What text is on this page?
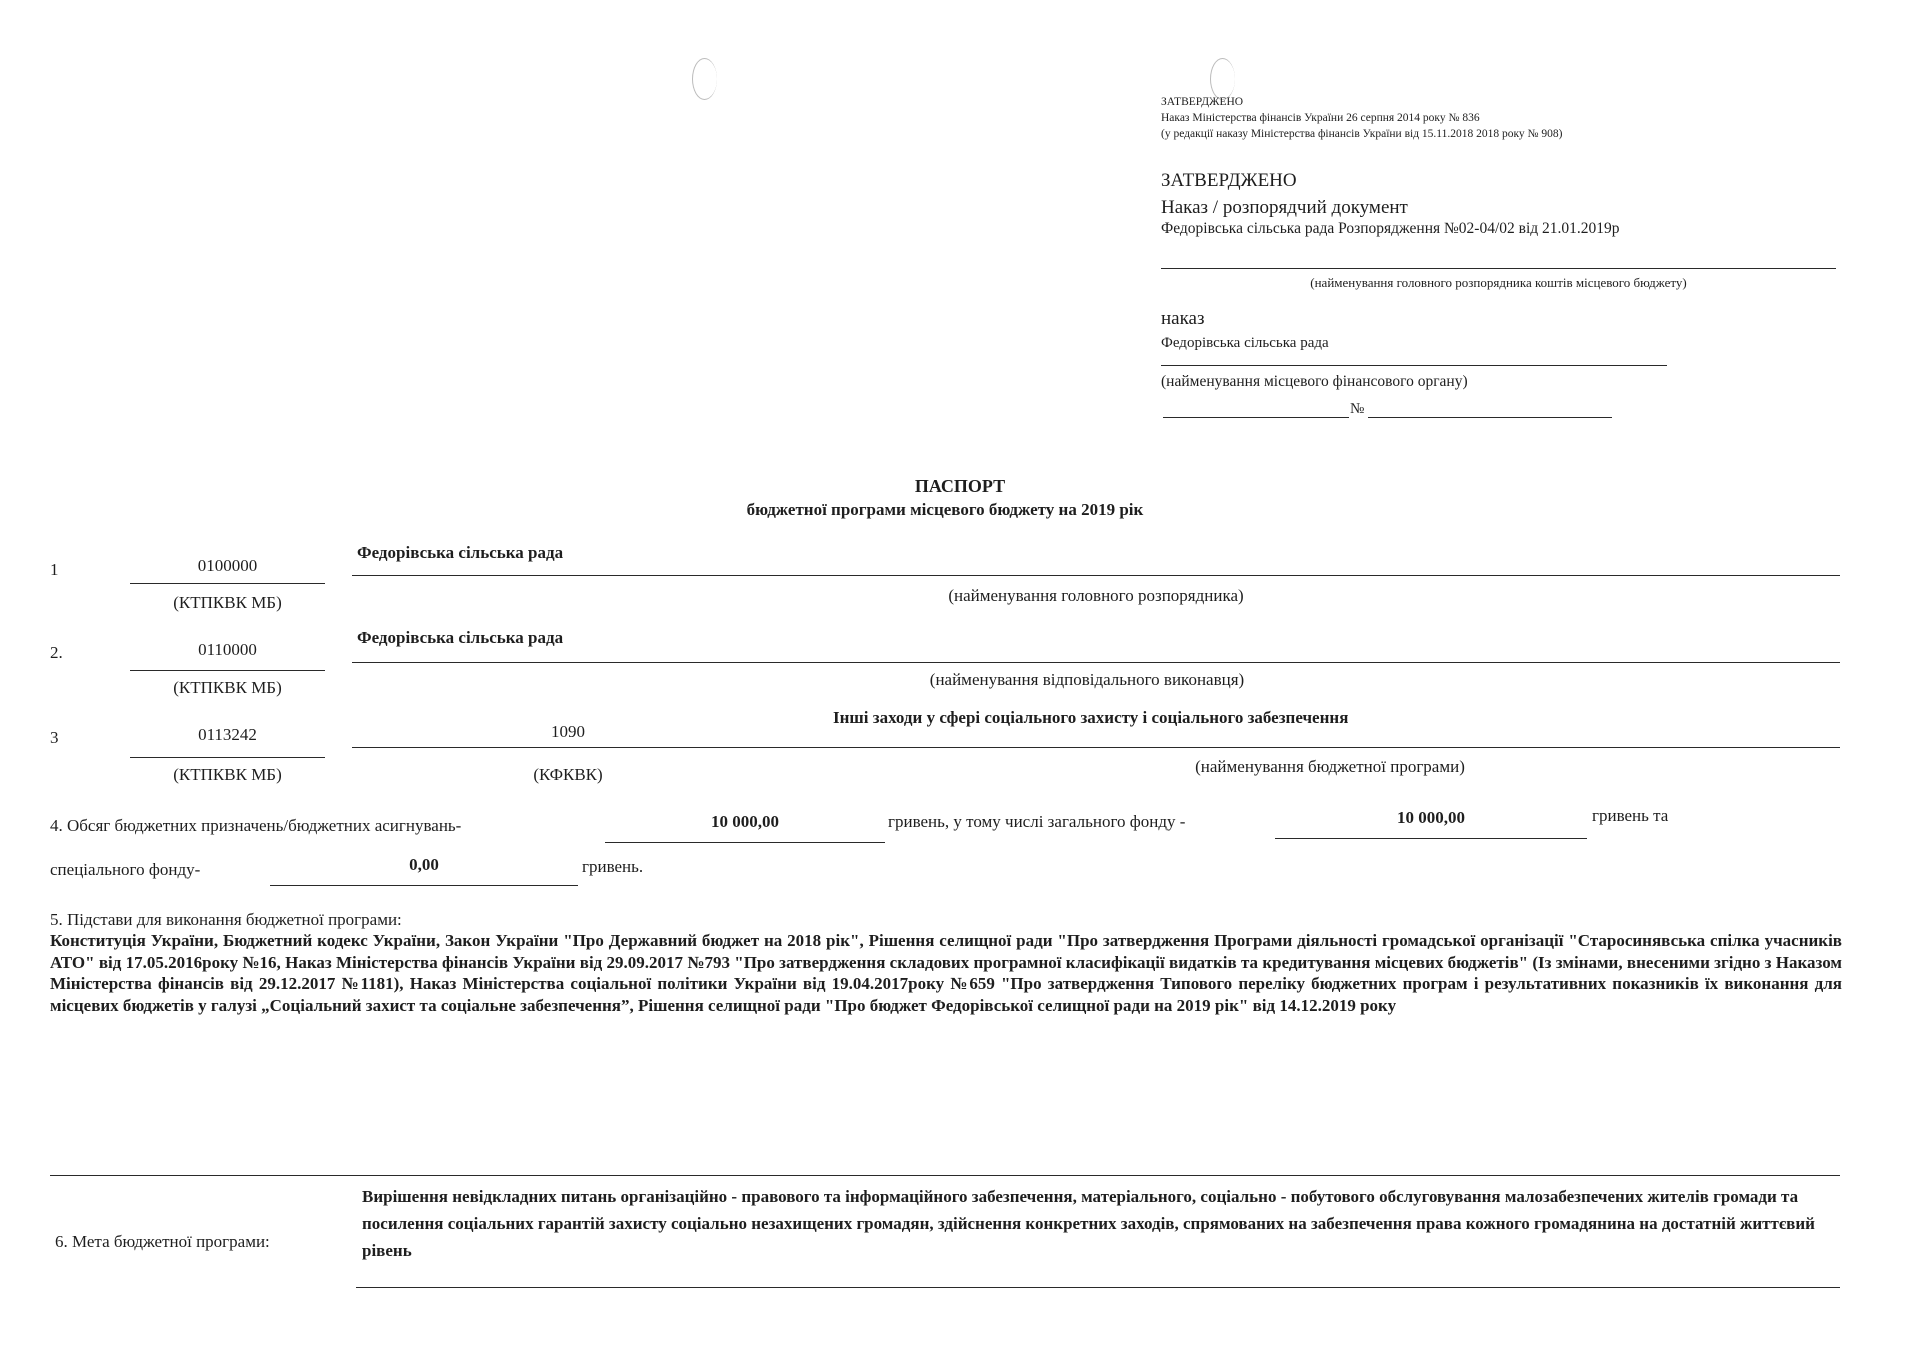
ЗАТВЕРДЖЕНО
Наказ Міністерства фінансів України 26 серпня 2014 року № 836
(у редакції наказу Міністерства фінансів України від 15.11.2018 2018 року № 908)
ЗАТВЕРДЖЕНО
Наказ / розпорядчий документ
Федорівська сільська рада Розпорядження №02-04/02 від 21.01.2019р
(найменування головного розпорядника коштів місцевого бюджету)
наказ
Федорівська сільська рада
(найменування місцевого фінансового органу)
№
ПАСПОРТ
бюджетної програми місцевого бюджету на 2019 рік
1	0100000
(КТПКВК МБ)
Федорівська сільська рада
(найменування головного розпорядника)
2.	0110000
(КТПКВК МБ)
Федорівська сільська рада
(найменування відповідального виконавця)
3	0113242
(КТПКВК МБ)
1090
(КФКВК)
Інші заходи у сфері соціального захисту і соціального забезпечення
(найменування бюджетної програми)
4. Обсяг бюджетних призначень/бюджетних асигнувань-	10 000,00	гривень, у тому числі загального фонду -	10 000,00	гривень та
спеціального фонду-	0,00	гривень.
5. Підстави для виконання бюджетної програми:
Конституція України, Бюджетний кодекс України, Закон України "Про Державний бюджет на 2018 рік", Рішення селищної ради "Про затвердження Програми діяльності громадської організації "Старосинявська спілка учасників АТО" від 17.05.2016року №16, Наказ Міністерства фінансів України від 29.09.2017 №793 "Про затвердження складових програмної класифікації видатків та кредитування місцевих бюджетів" (Із змінами, внесеними згідно з Наказом Міністерства фінансів від 29.12.2017 №1181), Наказ Міністерства соціальної політики України від 19.04.2017року №659 "Про затвердження Типового переліку бюджетних програм і результативних показників їх виконання для місцевих бюджетів у галузі „Соціальний захист та соціальне забезпечення”, Рішення селищної ради "Про бюджет Федорівської селищної ради на 2019 рік" від 14.12.2019 року
6. Мета бюджетної програми:
Вирішення невідкладних питань організаційно - правового та інформаційного забезпечення, матеріального, соціально - побутового обслуговування малозабезпечених жителів громади та посилення соціальних гарантій захисту соціально незахищених громадян, здійснення конкретних заходів, спрямованих на забезпечення права кожного громадянина на достатній життєвий рівень
